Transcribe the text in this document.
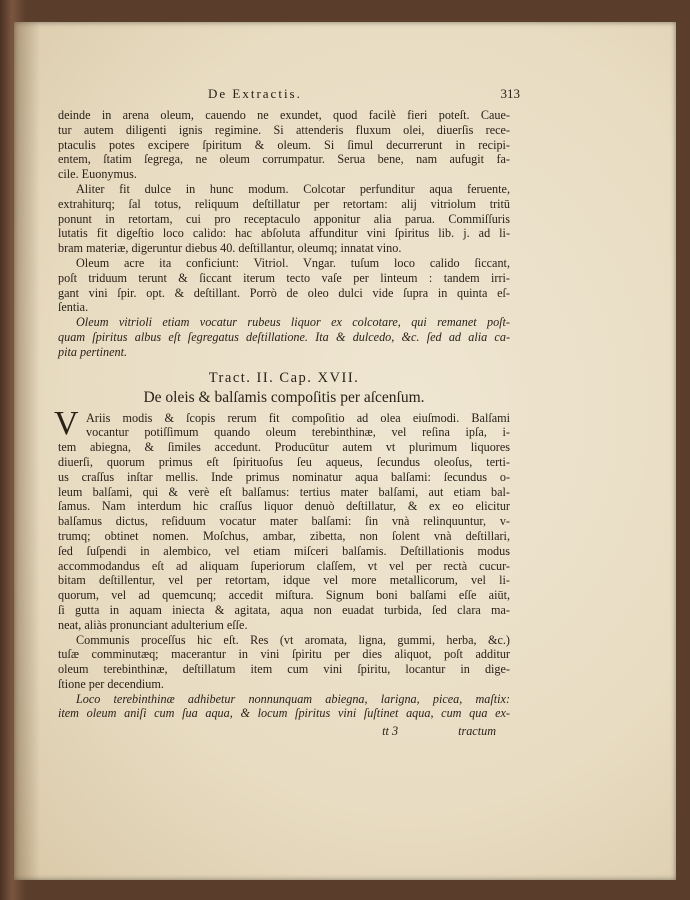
De Extractis.	313

deinde in arena oleum, cauendo ne exundet, quod facilè fieri poteſt. Caue-

tur autem diligenti ignis regimine. Si attenderis fluxum olei, diuerſis rece-

ptaculis potes excipere ſpiritum & oleum. Si ſimul decurrerunt in recipi-

entem, ſtatim ſegrega, ne oleum corrumpatur. Serua bene, nam aufugit fa-

cile. Euonymus.

Aliter fit dulce in hunc modum. Colcotar perfunditur aqua feruente,

extrahiturq; ſal totus, reliquum deſtillatur per retortam: alij vitriolum tritū

ponunt in retortam, cui pro receptaculo apponitur alia parua. Commiſſuris

lutatis fit digeſtio loco calido: hac abſoluta affunditur vini ſpiritus lib. j. ad li-

bram materiæ, digeruntur diebus 40. deſtillantur, oleumq; innatat vino.

Oleum acre ita conficiunt: Vitriol. Vngar. tuſum loco calido ſiccant,

poſt triduum terunt & ſiccant iterum tecto vaſe per linteum : tandem irri-

gant vini ſpir. opt. & deſtillant. Porrò de oleo dulci vide ſupra in quinta eſ-

ſentia.

Oleum vitrioli etiam vocatur rubeus liquor ex colcotare, qui remanet poſt-

quam ſpiritus albus eſt ſegregatus deſtillatione. Ita & dulcedo, &c. ſed ad alia ca-

pita pertinent.

Tract. II. Cap. XVII.
De oleis & balſamis compoſitis per aſcenſum.
V Ariis modis & ſcopis rerum fit compoſitio ad olea eiuſmodi. Balſami

vocantur potiſſimum quando oleum terebinthinæ, vel reſina ipſa, i-

tem abiegna, & ſimiles accedunt. Producūtur autem vt plurimum liquores

diuerſi, quorum primus eſt ſpirituoſus ſeu aqueus, ſecundus oleoſus, terti-

us craſſus inſtar mellis. Inde primus nominatur aqua balſami: ſecundus o-

leum balſami, qui & verè eſt balſamus: tertius mater balſami, aut etiam bal-

ſamus. Nam interdum hic craſſus liquor denuò deſtillatur, & ex eo elicitur

balſamus dictus, reſiduum vocatur mater balſami: ſin vnà relinquuntur, v-

trumq; obtinet nomen. Moſchus, ambar, zibetta, non ſolent vnà deſtillari,

ſed ſuſpendi in alembico, vel etiam miſceri balſamis. Deſtillationis modus

accommodandus eſt ad aliquam ſuperiorum claſſem, vt vel per rectà cucur-

bitam deſtillentur, vel per retortam, idque vel more metallicorum, vel li-

quorum, vel ad quemcunq; accedit miſtura. Signum boni balſami eſſe aiūt,

ſi gutta in aquam iniecta & agitata, aqua non euadat turbida, ſed clara ma-

neat, aliàs pronunciant adulterium eſſe.

Communis proceſſus hic eſt. Res (vt aromata, ligna, gummi, herba, &c.)

tuſæ comminutæq; macerantur in vini ſpiritu per dies aliquot, poſt additur

oleum terebinthinæ, deſtillatum item cum vini ſpiritu, locantur in dige-

ſtione per decendium.

Loco terebinthinæ adhibetur nonnunquam abiegna, larigna, picea, maſtix:

item oleum aniſi cum ſua aqua, & locum ſpiritus vini ſuſtinet aqua, cum qua ex-

tt 3	tractum
